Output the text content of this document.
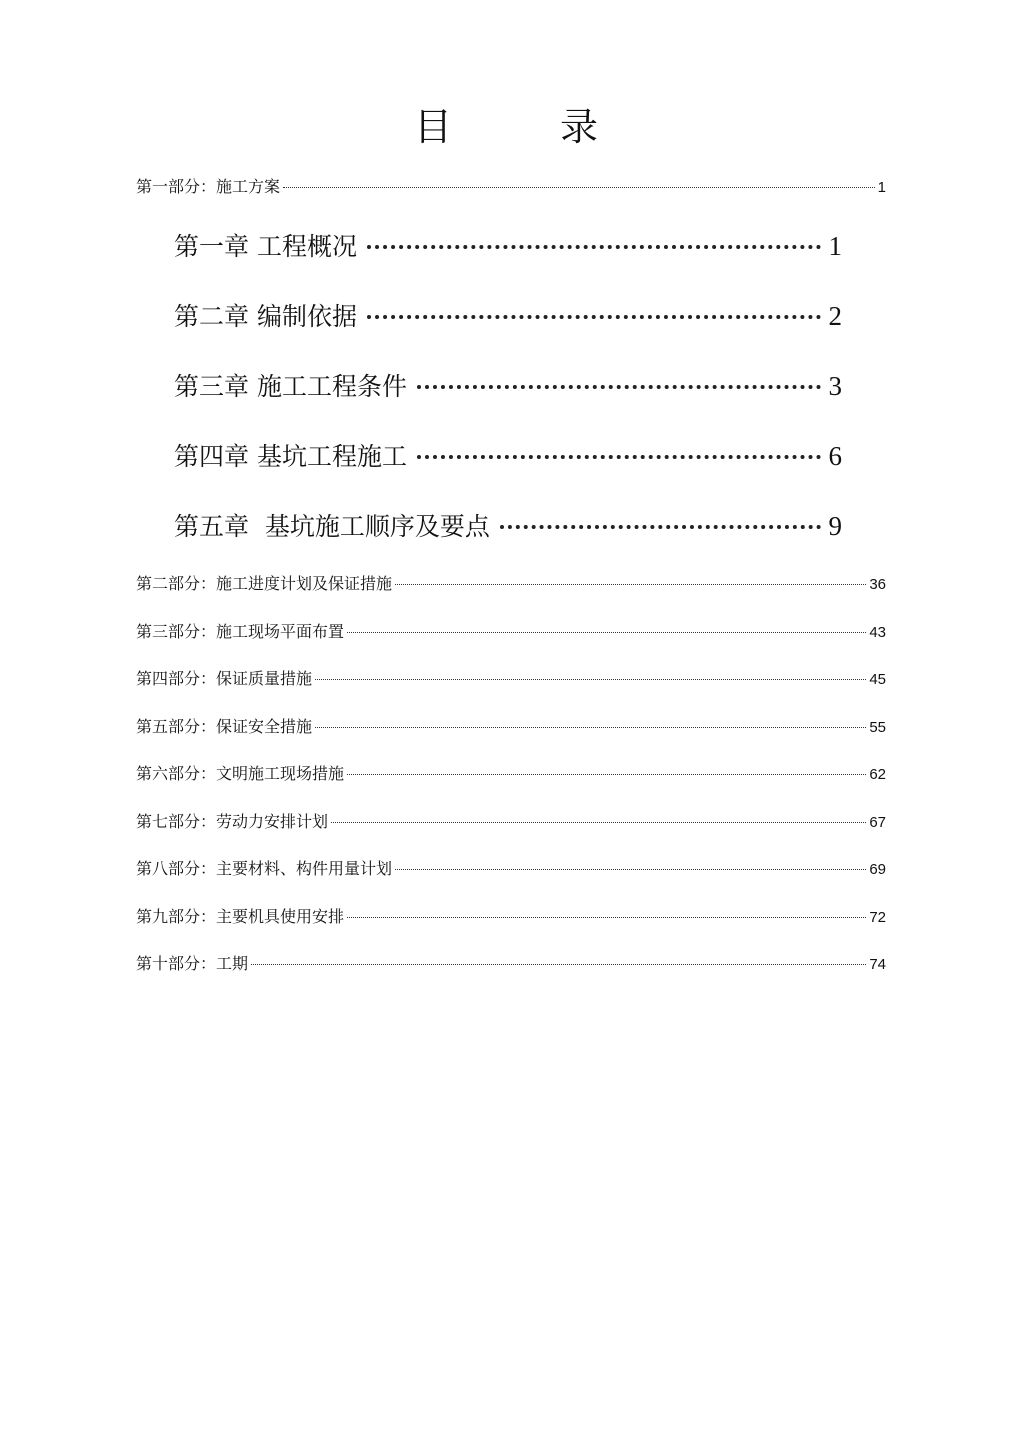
目 录
第一部分：施工方案	1
第一章 工程概况	1
第二章 编制依据	2
第三章 施工工程条件	3
第四章 基坑工程施工	6
第五章  基坑施工顺序及要点	9
第二部分：施工进度计划及保证措施	36
第三部分：施工现场平面布置	43
第四部分：保证质量措施	45
第五部分：保证安全措施	55
第六部分：文明施工现场措施	62
第七部分：劳动力安排计划	67
第八部分：主要材料、构件用量计划	69
第九部分：主要机具使用安排	72
第十部分：工期	74
